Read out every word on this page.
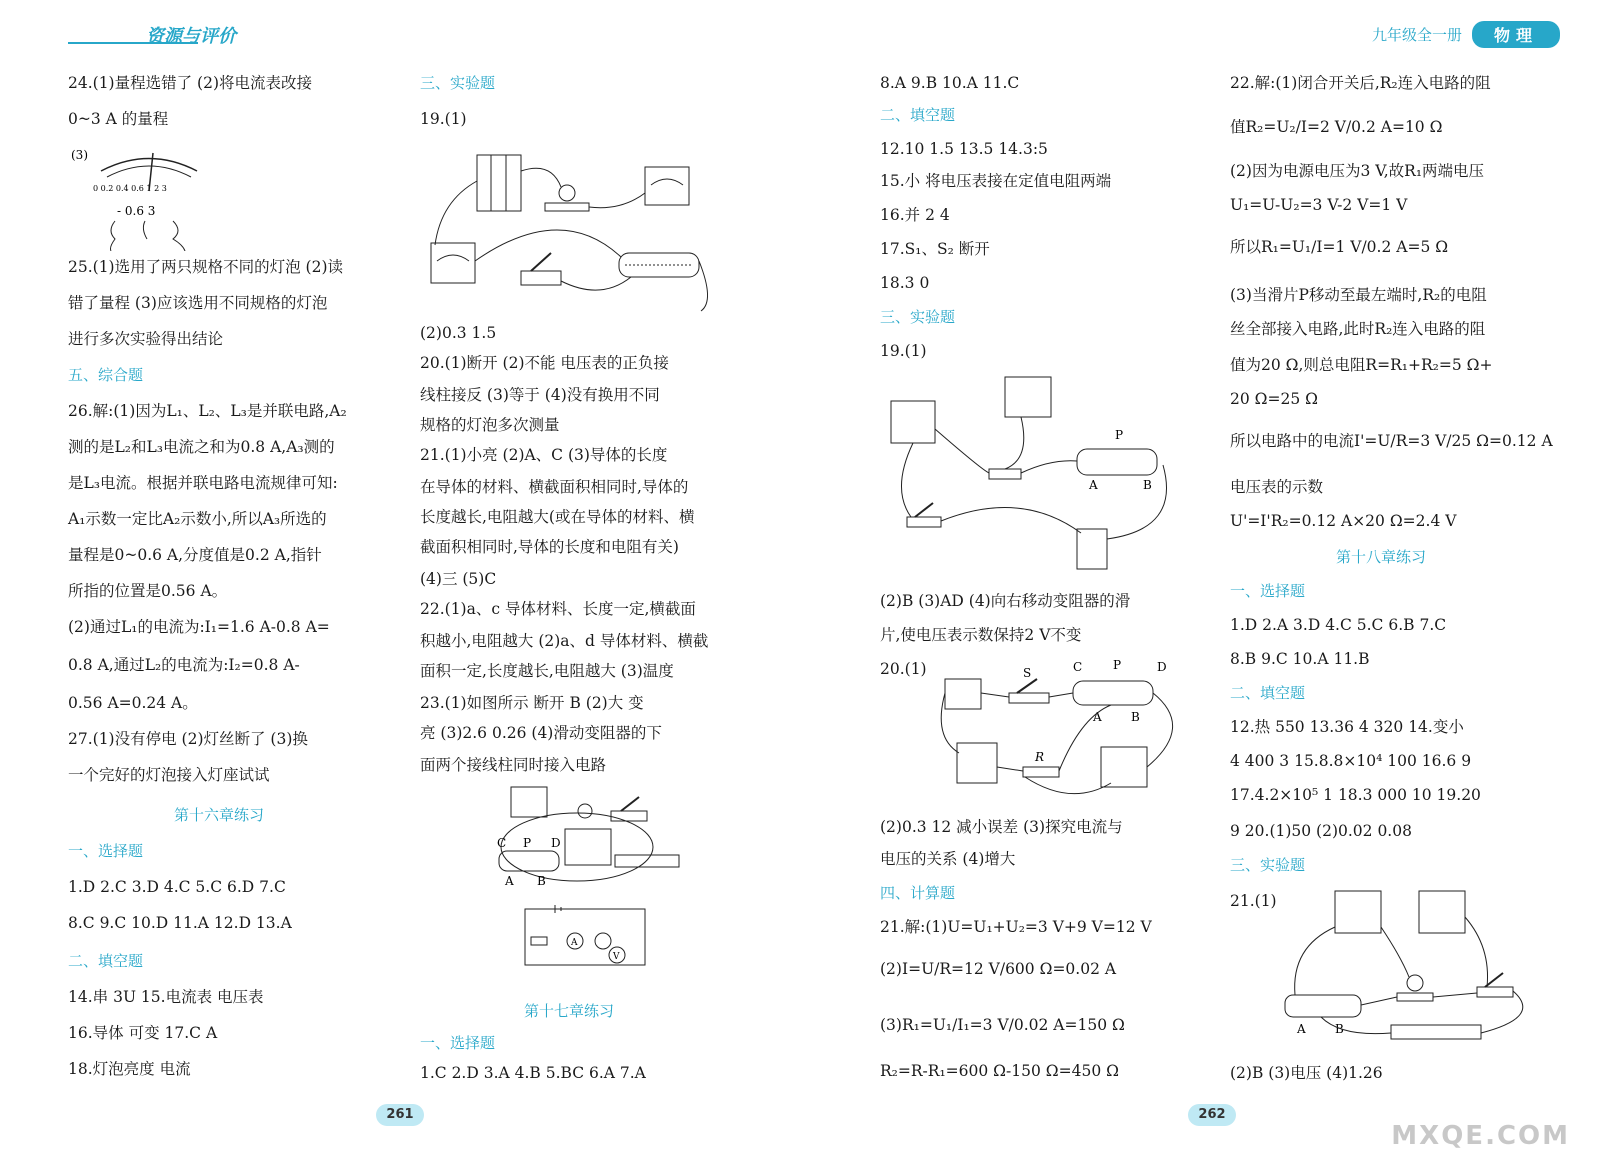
资源与评价	九年级全一册	物理
24.(1)量程选错了 (2)将电流表改接
0~3 A 的量程
(3)
0 0.2 0.4 0.6 1 2 3
- 0.6 3
25.(1)选用了两只规格不同的灯泡 (2)读
错了量程 (3)应该选用不同规格的灯泡
进行多次实验得出结论
五、综合题
26.解:(1)因为L₁、L₂、L₃是并联电路,A₂
测的是L₂和L₃电流之和为0.8 A,A₃测的
是L₃电流。根据并联电路电流规律可知:
A₁示数一定比A₂示数小,所以A₃所选的
量程是0~0.6 A,分度值是0.2 A,指针
所指的位置是0.56 A。
(2)通过L₁的电流为:I₁=1.6 A-0.8 A=
0.8 A,通过L₂的电流为:I₂=0.8 A-
0.56 A=0.24 A。
27.(1)没有停电 (2)灯丝断了 (3)换
一个完好的灯泡接入灯座试试
第十六章练习
一、选择题
1.D 2.C 3.D 4.C 5.C 6.D 7.C
8.C 9.C 10.D 11.A 12.D 13.A
二、填空题
14.串 3U 15.电流表 电压表
16.导体 可变 17.C A
18.灯泡亮度 电流
三、实验题
19.(1)
(2)0.3 1.5
20.(1)断开 (2)不能 电压表的正负接
线柱接反 (3)等于 (4)没有换用不同
规格的灯泡多次测量
21.(1)小亮 (2)A、C (3)导体的长度
在导体的材料、横截面积相同时,导体的
长度越长,电阻越大(或在导体的材料、横
截面积相同时,导体的长度和电阻有关)
(4)三 (5)C
22.(1)a、c 导体材料、长度一定,横截面
积越小,电阻越大 (2)a、d 导体材料、横截
面积一定,长度越长,电阻越大 (3)温度
23.(1)如图所示 断开 B (2)大 变
亮 (3)2.6 0.26 (4)滑动变阻器的下
面两个接线柱同时接入电路
C P D
A B
A
V
第十七章练习
一、选择题
1.C 2.D 3.A 4.B 5.BC 6.A 7.A
8.A 9.B 10.A 11.C
二、填空题
12.10 1.5 13.5 14.3:5
15.小 将电压表接在定值电阻两端
16.并 2 4
17.S₁、S₂ 断开
18.3 0
三、实验题
19.(1)
P
A	B
(2)B (3)AD (4)向右移动变阻器的滑
片,使电压表示数保持2 V不变
20.(1)	S	C	P	D
A B
R
(2)0.3 12 减小误差 (3)探究电流与
电压的关系 (4)增大
四、计算题
21.解:(1)U=U₁+U₂=3 V+9 V=12 V
(2)I=U/R=12 V/600 Ω=0.02 A
(3)R₁=U₁/I₁=3 V/0.02 A=150 Ω
R₂=R-R₁=600 Ω-150 Ω=450 Ω
22.解:(1)闭合开关后,R₂连入电路的阻
值R₂=U₂/I=2 V/0.2 A=10 Ω
(2)因为电源电压为3 V,故R₁两端电压
U₁=U-U₂=3 V-2 V=1 V
所以R₁=U₁/I=1 V/0.2 A=5 Ω
(3)当滑片P移动至最左端时,R₂的电阻
丝全部接入电路,此时R₂连入电路的阻
值为20 Ω,则总电阻R=R₁+R₂=5 Ω+
20 Ω=25 Ω
所以电路中的电流I'=U/R=3 V/25 Ω=0.12 A
电压表的示数
U'=I'R₂=0.12 A×20 Ω=2.4 V
第十八章练习
一、选择题
1.D 2.A 3.D 4.C 5.C 6.B 7.C
8.B 9.C 10.A 11.B
二、填空题
12.热 550 13.36 4 320 14.变小
4 400 3 15.8.8×10⁴ 100 16.6 9
17.4.2×10⁵ 1 18.3 000 10 19.20
9 20.(1)50 (2)0.02 0.08
三、实验题
21.(1)
A B
(2)B (3)电压 (4)1.26
261	262
MXQE.COM
